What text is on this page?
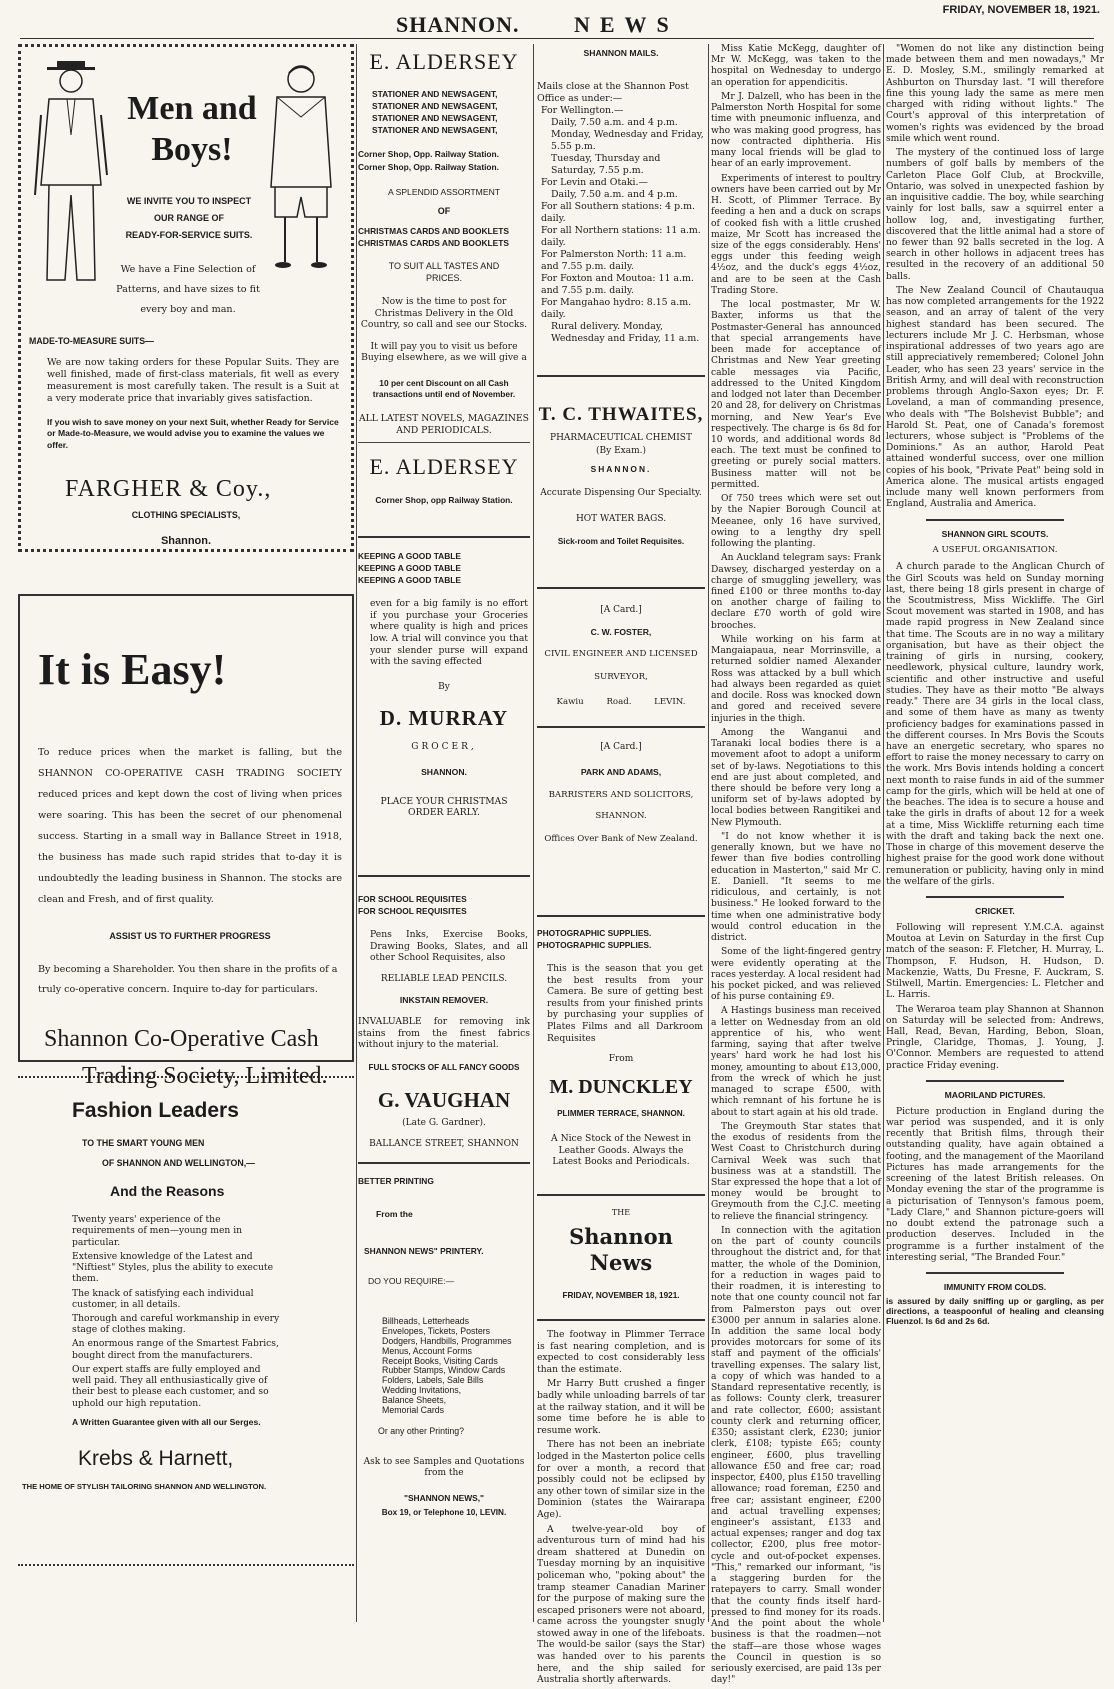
SHANNON. NEWS
FRIDAY, NOVEMBER 18, 1921.
Men and Boys!
WE INVITE YOU TO INSPECT
OUR RANGE OF
READY-FOR-SERVICE SUITS.
We have a Fine Selection of Patterns, and have sizes to fit every boy and man.
MADE-TO-MEASURE SUITS—
We are now taking orders for these Popular Suits. They are well finished, made of first-class materials, fit well as every measurement is most carefully taken. The result is a Suit at a very moderate price that invariably gives satisfaction.
If you wish to save money on your next Suit, whether Ready for Service or Made-to-Measure, we would advise you to examine the values we offer.
FARGHER & Coy.,
CLOTHING SPECIALISTS,
Shannon.
It is Easy!
To reduce prices when the market is falling, but the SHANNON CO-OPERATIVE CASH TRADING SOCIETY reduced prices and kept down the cost of living when prices were soaring. This has been the secret of our phenomenal success. Starting in a small way in Ballance Street in 1918, the business has made such rapid strides that to-day it is undoubtedly the leading business in Shannon. The stocks are clean and Fresh, and of first quality.
ASSIST US TO FURTHER PROGRESS
By becoming a Shareholder. You then share in the profits of a truly co-operative concern. Inquire to-day for particulars.
Shannon Co-Operative Cash
Trading Society, Limited.
Fashion Leaders
TO THE SMART YOUNG MEN
OF SHANNON AND WELLINGTON,—
And the Reasons

Twenty years' experience of the requirements of men—young men in particular.

Extensive knowledge of the Latest and "Niftiest" Styles, plus the ability to execute them.

The knack of satisfying each individual customer, in all details.

Thorough and careful workmanship in every stage of clothes making.

An enormous range of the Smartest Fabrics, bought direct from the manufacturers.

Our expert staffs are fully employed and well paid. They all enthusiastically give of their best to please each customer, and so uphold our high reputation.

A Written Guarantee given with all our Serges.
Krebs & Harnett,
THE HOME OF STYLISH TAILORING SHANNON AND WELLINGTON.
E. ALDERSEY
STATIONER AND NEWSAGENT,
STATIONER AND NEWSAGENT,
STATIONER AND NEWSAGENT,
STATIONER AND NEWSAGENT,
Corner Shop, Opp. Railway Station.
Corner Shop, Opp. Railway Station.
A SPLENDID ASSORTMENT
OF
CHRISTMAS CARDS AND BOOKLETS
CHRISTMAS CARDS AND BOOKLETS
TO SUIT ALL TASTES AND PRICES.
Now is the time to post for Christmas Delivery in the Old Country, so call and see our Stocks.
It will pay you to visit us before Buying elsewhere, as we will give a
10 per cent Discount on all Cash transactions until end of November.
ALL LATEST NOVELS, MAGAZINES AND PERIODICALS.
E. ALDERSEY
Corner Shop, opp Railway Station.
KEEPING A GOOD TABLE
KEEPING A GOOD TABLE
KEEPING A GOOD TABLE
even for a big family is no effort if you purchase your Groceries where quality is high and prices low. A trial will convince you that your slender purse will expand with the saving effected
By
D. MURRAY
GROCER,
SHANNON.
PLACE YOUR CHRISTMAS ORDER EARLY.
FOR SCHOOL REQUISITES
FOR SCHOOL REQUISITES
Pens Inks, Exercise Books, Drawing Books, Slates, and all other School Requisites, also
RELIABLE LEAD PENCILS.
INKSTAIN REMOVER.
INVALUABLE for removing ink stains from the finest fabrics without injury to the material.
FULL STOCKS OF ALL FANCY GOODS
G. VAUGHAN
(Late G. Gardner).
BALLANCE STREET, SHANNON
BETTER PRINTING
From the
SHANNON NEWS" PRINTERY.
DO YOU REQUIRE:—
Billheads, Letterheads
Envelopes, Tickets, Posters
Dodgers, Handbills, Programmes
Menus, Account Forms
Receipt Books, Visiting Cards
Rubber Stamps, Window Cards
Folders, Labels, Sale Bills
Wedding Invitations,
Balance Sheets,
Memorial Cards
Or any other Printing?
Ask to see Samples and Quotations from the
"SHANNON NEWS,"
Box 19, or Telephone 10, LEVIN.
SHANNON MAILS.
Mails close at the Shannon Post Office as under:—
For Wellington.—
Daily, 7.50 a.m. and 4 p.m.
Monday, Wednesday and Friday, 5.55 p.m.
Tuesday, Thursday and Saturday, 7.55 p.m.
For Levin and Otaki.—
Daily, 7.50 a.m. and 4 p.m.
For all Southern stations: 4 p.m. daily.
For all Northern stations: 11 a.m. daily.
For Palmerston North: 11 a.m. and 7.55 p.m. daily.
For Foxton and Moutoa: 11 a.m. and 7.55 p.m. daily.
For Mangahao hydro: 8.15 a.m. daily.
Rural delivery. Monday, Wednesday and Friday, 11 a.m.
T. C. THWAITES,
PHARMACEUTICAL CHEMIST
(By Exam.)
SHANNON.
Accurate Dispensing Our Specialty.
HOT WATER BAGS.
Sick-room and Toilet Requisites.
[A Card.]
C. W. FOSTER,
CIVIL ENGINEER AND LICENSED
SURVEYOR,
Kawiu Road. LEVIN.
[A Card.]
PARK AND ADAMS,
BARRISTERS AND SOLICITORS,
SHANNON.
Offices Over Bank of New Zealand.
PHOTOGRAPHIC SUPPLIES.
PHOTOGRAPHIC SUPPLIES.
This is the season that you get the best results from your Camera. Be sure of getting best results from your finished prints by purchasing your supplies of Plates Films and all Darkroom Requisites
From
M. DUNCKLEY
PLIMMER TERRACE, SHANNON.
A Nice Stock of the Newest in Leather Goods. Always the Latest Books and Periodicals.
THE
Shannon News
FRIDAY, NOVEMBER 18, 1921.

The footway in Plimmer Terrace is fast nearing completion, and is expected to cost considerably less than the estimate.

Mr Harry Butt crushed a finger badly while unloading barrels of tar at the railway station, and it will be some time before he is able to resume work.

There has not been an inebriate lodged in the Masterton police cells for over a month, a record that possibly could not be eclipsed by any other town of similar size in the Dominion (states the Wairarapa Age).

A twelve-year-old boy of adventurous turn of mind had his dream shattered at Dunedin on Tuesday morning by an inquisitive policeman who, "poking about" the tramp steamer Canadian Mariner for the purpose of making sure the escaped prisoners were not aboard, came across the youngster snugly stowed away in one of the lifeboats. The would-be sailor (says the Star) was handed over to his parents here, and the ship sailed for Australia shortly afterwards.

Miss Katie McKegg, daughter of Mr W. McKegg, was taken to the hospital on Wednesday to undergo an operation for appendicitis.

Mr J. Dalzell, who has been in the Palmerston North Hospital for some time with pneumonic influenza, and who was making good progress, has now contracted diphtheria. His many local friends will be glad to hear of an early improvement.

Experiments of interest to poultry owners have been carried out by Mr H. Scott, of Plimmer Terrace. By feeding a hen and a duck on scraps of cooked fish with a little crushed maize, Mr Scott has increased the size of the eggs considerably. Hens' eggs under this feeding weigh 4½oz, and the duck's eggs 4½oz, and are to be seen at the Cash Trading Store.

The local postmaster, Mr W. Baxter, informs us that the Postmaster-General has announced that special arrangements have been made for acceptance of Christmas and New Year greeting cable messages via Pacific, addressed to the United Kingdom and lodged not later than December 20 and 28, for delivery on Christmas morning, and New Year's Eve respectively. The charge is 6s 8d for 10 words, and additional words 8d each. The text must be confined to greeting or purely social matters. Business matter will not be permitted.

Of 750 trees which were set out by the Napier Borough Council at Meeanee, only 16 have survived, owing to a lengthy dry spell following the planting.

An Auckland telegram says: Frank Dawsey, discharged yesterday on a charge of smuggling jewellery, was fined £100 or three months to-day on another charge of failing to declare £70 worth of gold wire brooches.

While working on his farm at Mangaiapaua, near Morrinsville, a returned soldier named Alexander Ross was attacked by a bull which had always been regarded as quiet and docile. Ross was knocked down and gored and received severe injuries in the thigh.

Among the Wanganui and Taranaki local bodies there is a movement afoot to adopt a uniform set of by-laws. Negotiations to this end are just about completed, and there should be before very long a uniform set of by-laws adopted by local bodies between Rangitikei and New Plymouth.

"I do not know whether it is generally known, but we have no fewer than five bodies controlling education in Masterton," said Mr C. E. Daniell. "It seems to me ridiculous, and certainly, is not business." He looked forward to the time when one administrative body would control education in the district.

Some of the light-fingered gentry were evidently operating at the races yesterday. A local resident had his pocket picked, and was relieved of his purse containing £9.

A Hastings business man received a letter on Wednesday from an old apprentice of his, who went farming, saying that after twelve years' hard work he had lost his money, amounting to about £13,000, from the wreck of which he just managed to scrape £500, with which remnant of his fortune he is about to start again at his old trade.

The Greymouth Star states that the exodus of residents from the West Coast to Christchurch during Carnival Week was such that business was at a standstill. The Star expressed the hope that a lot of money would be brought to Greymouth from the C.J.C. meeting to relieve the financial stringency.

In connection with the agitation on the part of county councils throughout the district and, for that matter, the whole of the Dominion, for a reduction in wages paid to their roadmen, it is interesting to note that one county council not far from Palmerston pays out over £3000 per annum in salaries alone. In addition the same local body provides motorcars for some of its staff and payment of the officials' travelling expenses. The salary list, a copy of which was handed to a Standard representative recently, is as follows: County clerk, treasurer and rate collector, £600; assistant county clerk and returning officer, £350; assistant clerk, £230; junior clerk, £108; typiste £65; county engineer, £600, plus travelling allowance £50 and free car; road inspector, £400, plus £150 travelling allowance; road foreman, £250 and free car; assistant engineer, £200 and actual travelling expenses; engineer's assistant, £133 and actual expenses; ranger and dog tax collector, £200, plus free motor-cycle and out-of-pocket expenses. "This," remarked our informant, "is a staggering burden for the ratepayers to carry. Small wonder that the county finds itself hard-pressed to find money for its roads. And the point about the whole business is that the roadmen—not the staff—are those whose wages the Council in question is so seriously exercised, are paid 13s per day!"

"Women do not like any distinction being made between them and men nowadays," Mr E. D. Mosley, S.M., smilingly remarked at Ashburton on Thursday last. "I will therefore fine this young lady the same as mere men charged with riding without lights." The Court's approval of this interpretation of women's rights was evidenced by the broad smile which went round.

The mystery of the continued loss of large numbers of golf balls by members of the Carleton Place Golf Club, at Brockville, Ontario, was solved in unexpected fashion by an inquisitive caddie. The boy, while searching vainly for lost balls, saw a squirrel enter a hollow log, and, investigating further, discovered that the little animal had a store of no fewer than 92 balls secreted in the log. A search in other hollows in adjacent trees has resulted in the recovery of an additional 50 balls.

The New Zealand Council of Chautauqua has now completed arrangements for the 1922 season, and an array of talent of the very highest standard has been secured. The lecturers include Mr J. C. Herbsman, whose inspirational addresses of two years ago are still appreciatively remembered; Colonel John Leader, who has seen 23 years' service in the British Army, and will deal with reconstruction problems through Anglo-Saxon eyes; Dr. F. Loveland, a man of commanding presence, who deals with "The Bolshevist Bubble"; and Harold St. Peat, one of Canada's foremost lecturers, whose subject is "Problems of the Dominions." As an author, Harold Peat attained wonderful success, over one million copies of his book, "Private Peat" being sold in America alone. The musical artists engaged include many well known performers from England, Australia and America.

SHANNON GIRL SCOUTS.
A USEFUL ORGANISATION.

A church parade to the Anglican Church of the Girl Scouts was held on Sunday morning last, there being 18 girls present in charge of the Scoutmistress, Miss Wickliffe. The Girl Scout movement was started in 1908, and has made rapid progress in New Zealand since that time. The Scouts are in no way a military organisation, but have as their object the training of girls in nursing, cookery, needlework, physical culture, laundry work, scientific and other instructive and useful studies. They have as their motto "Be always ready." There are 34 girls in the local class, and some of them have as many as twenty proficiency badges for examinations passed in the different courses. In Mrs Bovis the Scouts have an energetic secretary, who spares no effort to raise the money necessary to carry on the work. Mrs Bovis intends holding a concert next month to raise funds in aid of the summer camp for the girls, which will be held at one of the beaches. The idea is to secure a house and take the girls in drafts of about 12 for a week at a time, Miss Wickliffe returning each time with the draft and taking back the next one. Those in charge of this movement deserve the highest praise for the good work done without remuneration or publicity, having only in mind the welfare of the girls.

CRICKET.

Following will represent Y.M.C.A. against Moutoa at Levin on Saturday in the first Cup match of the season: F. Fletcher, H. Murray, L. Thompson, F. Hudson, H. Hudson, D. Mackenzie, Watts, Du Fresne, F. Auckram, S. Stilwell, Martin. Emergencies: L. Fletcher and L. Harris.

The Weraroa team play Shannon at Shannon on Saturday will be selected from: Andrews, Hall, Read, Bevan, Harding, Bebon, Sloan, Pringle, Claridge, Thomas, J. Young, J. O'Connor. Members are requested to attend practice Friday evening.

MAORILAND PICTURES.

Picture production in England during the war period was suspended, and it is only recently that British films, through their outstanding quality, have again obtained a footing, and the management of the Maoriland Pictures has made arrangements for the screening of the latest British releases. On Monday evening the star of the programme is a picturisation of Tennyson's famous poem, "Lady Clare," and Shannon picture-goers will no doubt extend the patronage such a production deserves. Included in the programme is a further instalment of the interesting serial, "The Branded Four."

IMMUNITY FROM COLDS.
is assured by daily sniffing up or gargling, as per directions, a teaspoonful of healing and cleansing Fluenzol. Is 6d and 2s 6d.
